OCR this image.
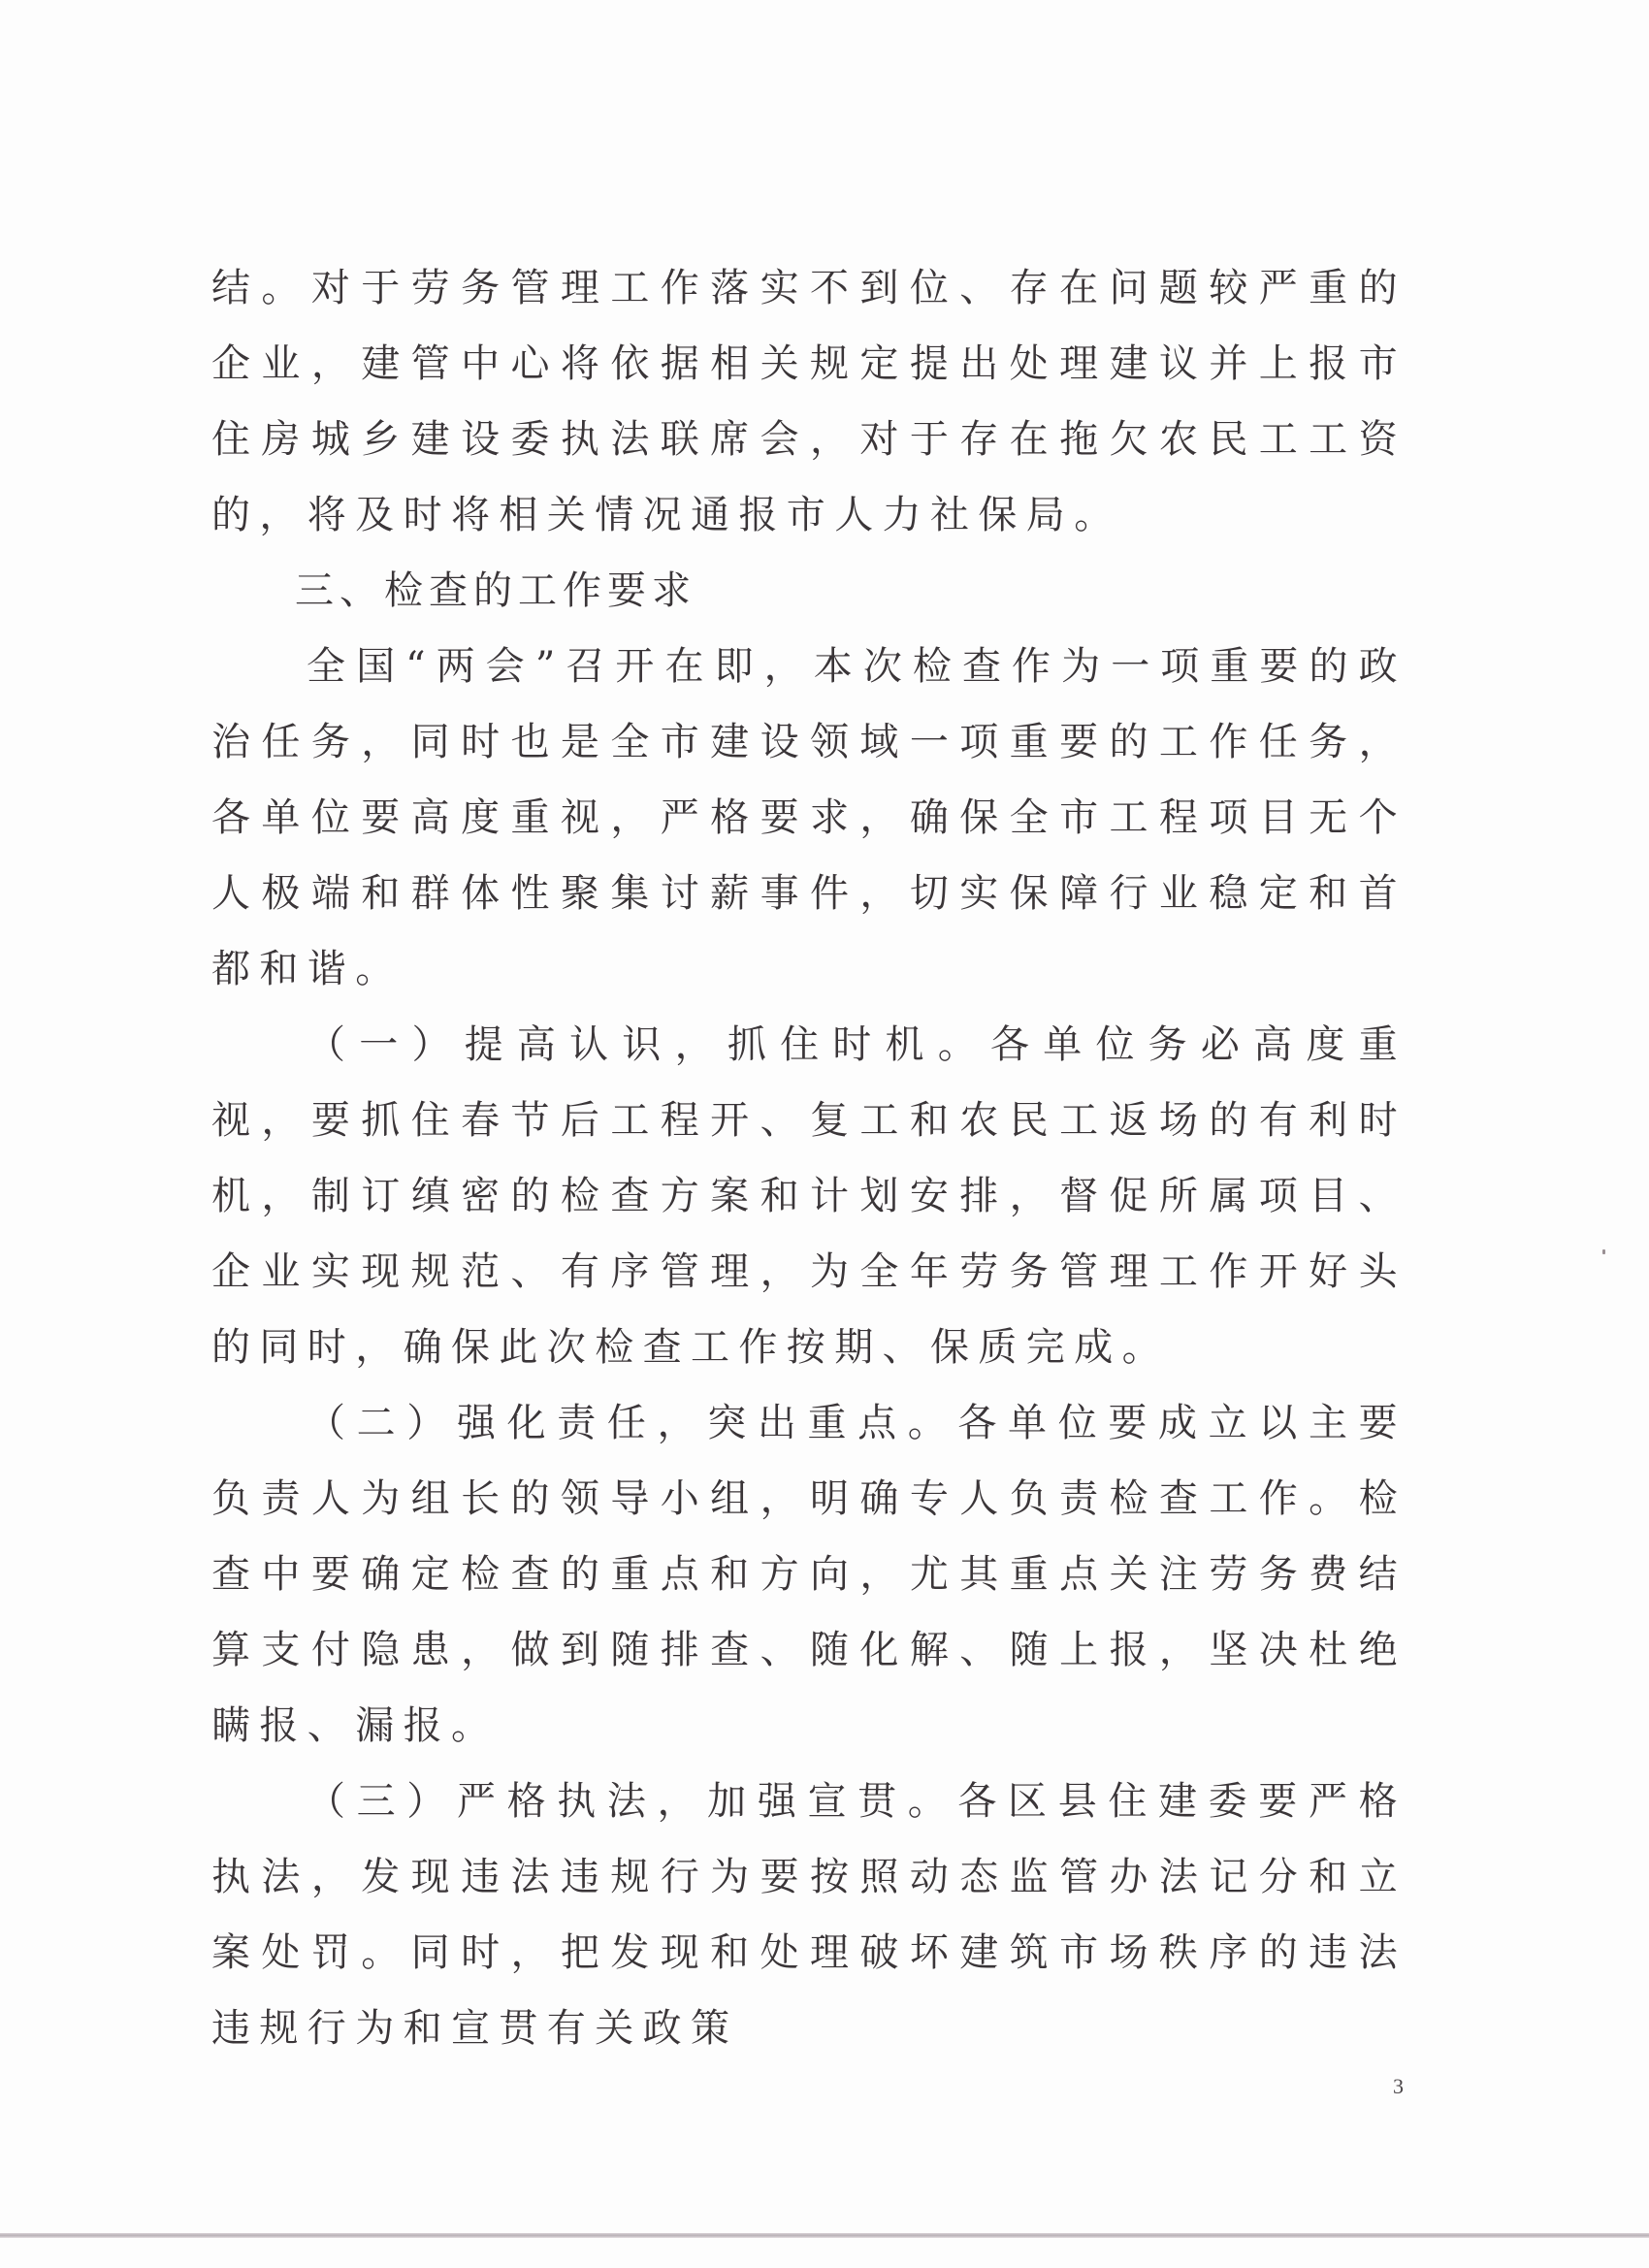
结。对于劳务管理工作落实不到位、存在问题较严重的企业，建管中心将依据相关规定提出处理建议并上报市住房城乡建设委执法联席会，对于存在拖欠农民工工资的，将及时将相关情况通报市人力社保局。

三、检查的工作要求

全国“两会”召开在即，本次检查作为一项重要的政治任务，同时也是全市建设领域一项重要的工作任务，各单位要高度重视，严格要求，确保全市工程项目无个人极端和群体性聚集讨薪事件，切实保障行业稳定和首都和谐。

（一）提高认识，抓住时机。各单位务必高度重视，要抓住春节后工程开、复工和农民工返场的有利时机，制订缜密的检查方案和计划安排，督促所属项目、企业实现规范、有序管理，为全年劳务管理工作开好头的同时，确保此次检查工作按期、保质完成。

（二）强化责任，突出重点。各单位要成立以主要负责人为组长的领导小组，明确专人负责检查工作。检查中要确定检查的重点和方向，尤其重点关注劳务费结算支付隐患，做到随排查、随化解、随上报，坚决杜绝瞒报、漏报。

（三）严格执法，加强宣贯。各区县住建委要严格执法，发现违法违规行为要按照动态监管办法记分和立案处罚。同时，把发现和处理破坏建筑市场秩序的违法违规行为和宣贯有关政策

3
